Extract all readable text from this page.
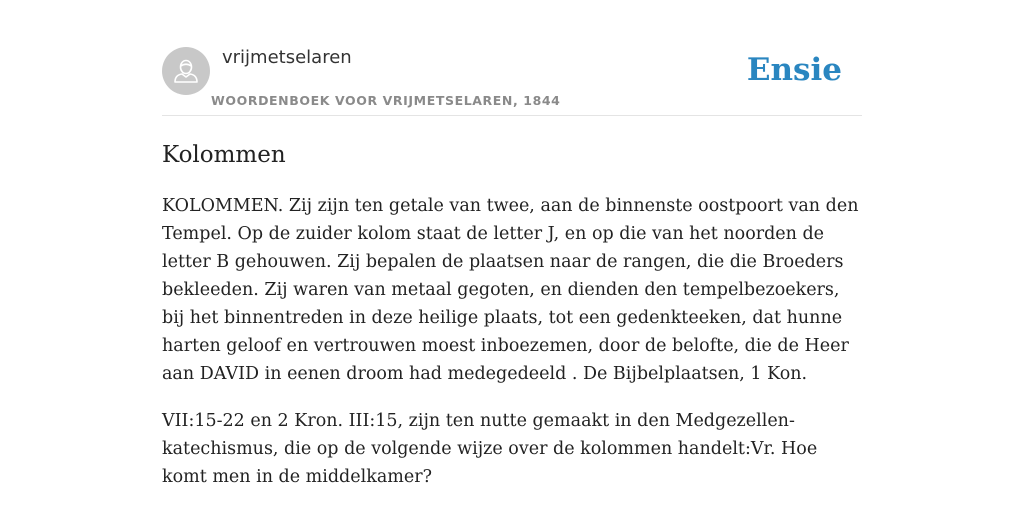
vrijmetselaren
WOORDENBOEK VOOR VRIJMETSELAREN, 1844
Ensie
Kolommen

KOLOMMEN. Zij zijn ten getale van twee, aan de binnenste oostpoort van den Tempel. Op de zuider kolom staat de letter J, en op die van het noorden de letter B gehouwen. Zij bepalen de plaatsen naar de rangen, die die Broeders bekleeden. Zij waren van metaal gegoten, en dienden den tempelbezoekers, bij het binnentreden in deze heilige plaats, tot een gedenkteeken, dat hunne harten geloof en vertrouwen moest inboezemen, door de belofte, die de Heer aan DAVID in eenen droom had medegedeeld . De Bijbelplaatsen, 1 Kon.

VII:15-22 en 2 Kron. III:15, zijn ten nutte gemaakt in den Medgezellen-katechismus, die op de volgende wijze over de kolommen handelt:Vr. Hoe komt men in de middelkamer?
